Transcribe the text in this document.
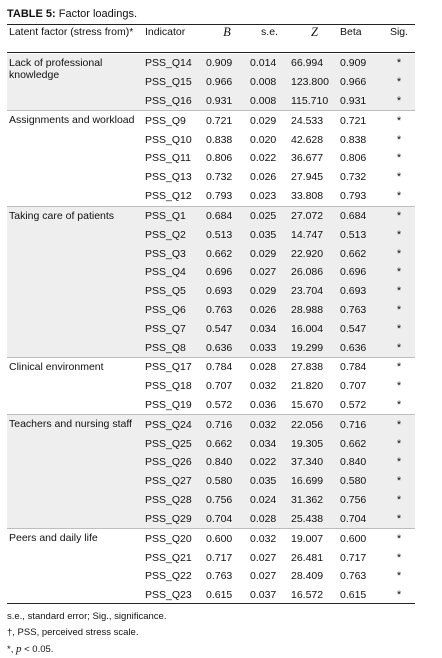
TABLE 5: Factor loadings.
Latent factor (stress from)*	Indicator	B	s.e.	Z	Beta	Sig.
Lack of professional knowledge	PSS_Q14	0.909	0.014	66.994	0.909	*
	PSS_Q15	0.966	0.008	123.800	0.966	*
	PSS_Q16	0.931	0.008	115.710	0.931	*
Assignments and workload	PSS_Q9	0.721	0.029	24.533	0.721	*
	PSS_Q10	0.838	0.020	42.628	0.838	*
	PSS_Q11	0.806	0.022	36.677	0.806	*
	PSS_Q13	0.732	0.026	27.945	0.732	*
	PSS_Q12	0.793	0.023	33.808	0.793	*
Taking care of patients	PSS_Q1	0.684	0.025	27.072	0.684	*
	PSS_Q2	0.513	0.035	14.747	0.513	*
	PSS_Q3	0.662	0.029	22.920	0.662	*
	PSS_Q4	0.696	0.027	26.086	0.696	*
	PSS_Q5	0.693	0.029	23.704	0.693	*
	PSS_Q6	0.763	0.026	28.988	0.763	*
	PSS_Q7	0.547	0.034	16.004	0.547	*
	PSS_Q8	0.636	0.033	19.299	0.636	*
Clinical environment	PSS_Q17	0.784	0.028	27.838	0.784	*
	PSS_Q18	0.707	0.032	21.820	0.707	*
	PSS_Q19	0.572	0.036	15.670	0.572	*
Teachers and nursing staff	PSS_Q24	0.716	0.032	22.056	0.716	*
	PSS_Q25	0.662	0.034	19.305	0.662	*
	PSS_Q26	0.840	0.022	37.340	0.840	*
	PSS_Q27	0.580	0.035	16.699	0.580	*
	PSS_Q28	0.756	0.024	31.362	0.756	*
	PSS_Q29	0.704	0.028	25.438	0.704	*
Peers and daily life	PSS_Q20	0.600	0.032	19.007	0.600	*
	PSS_Q21	0.717	0.027	26.481	0.717	*
	PSS_Q22	0.763	0.027	28.409	0.763	*
	PSS_Q23	0.615	0.037	16.572	0.615	*
s.e., standard error; Sig., significance.
†, PSS, perceived stress scale.
*, p < 0.05.
